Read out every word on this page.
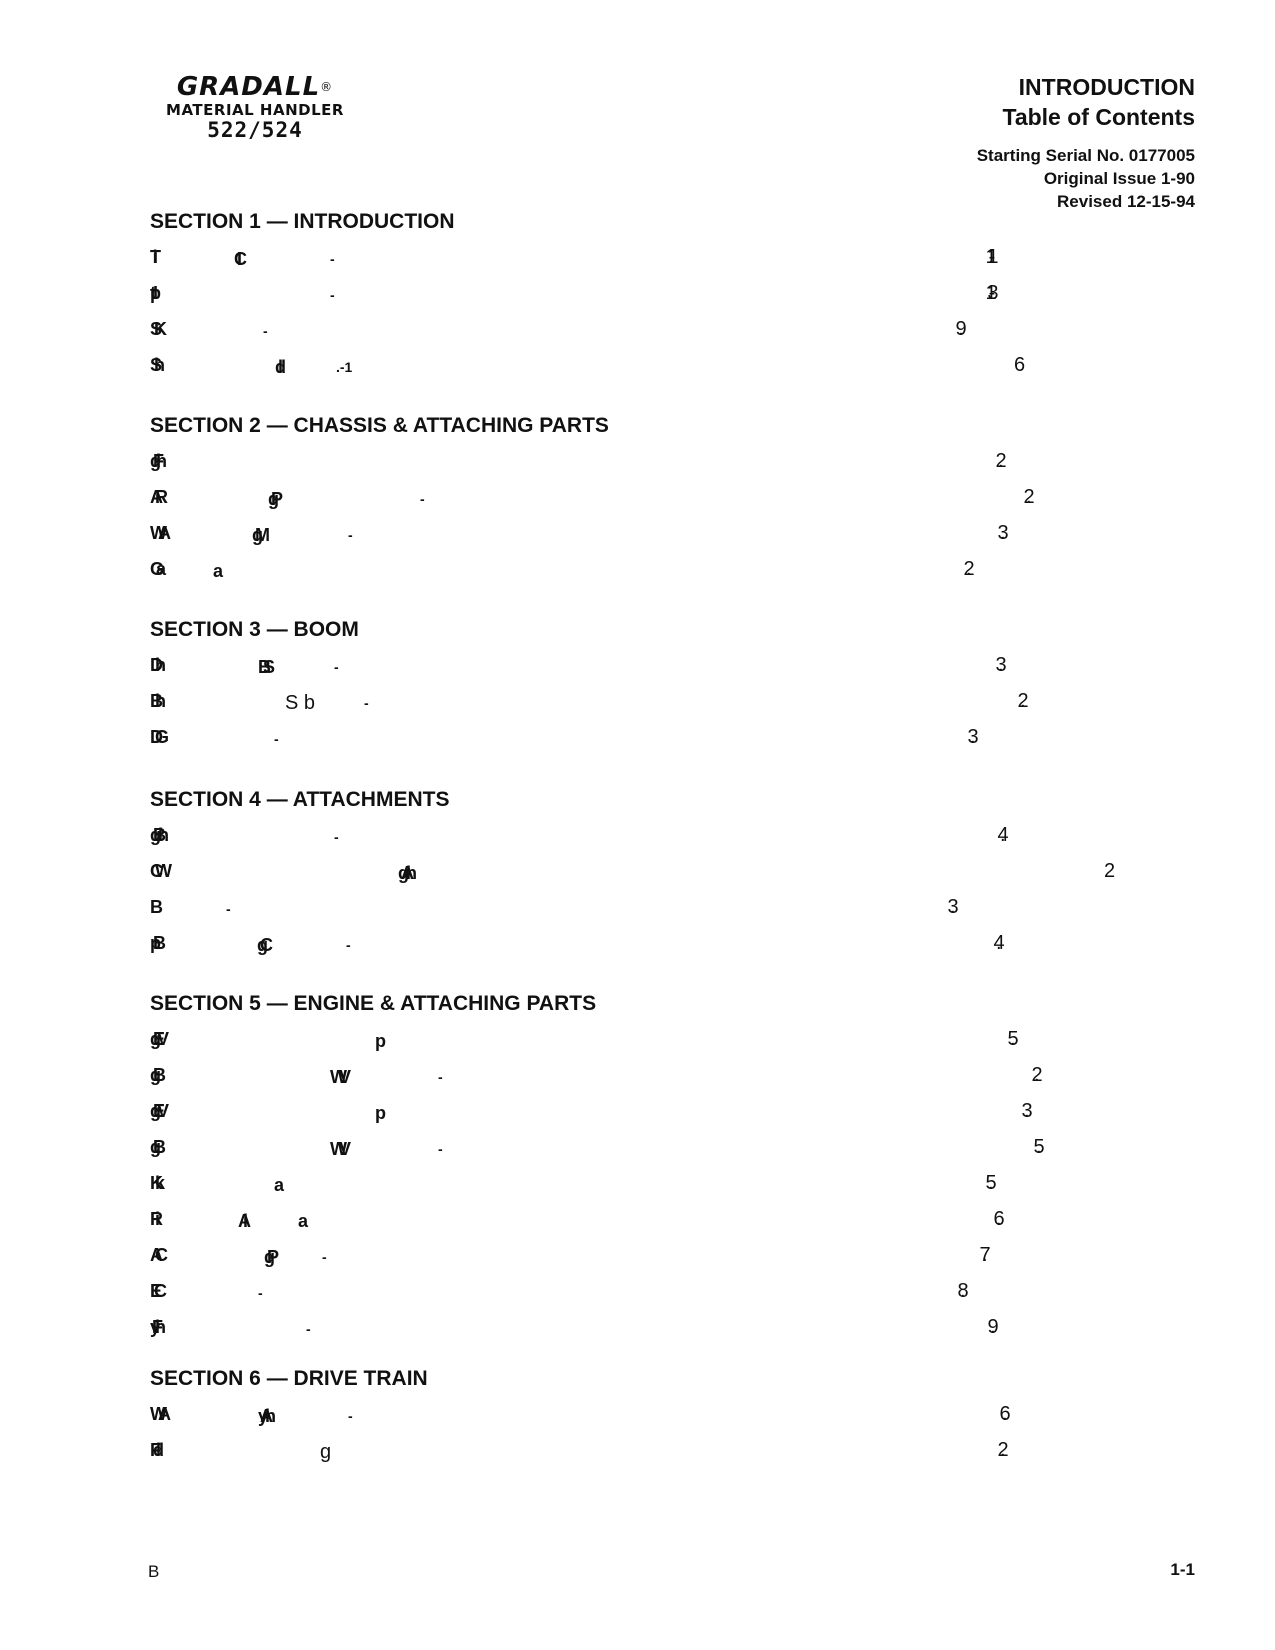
GRADALL®
MATERIAL HANDLER
522/524
INTRODUCTION
Table of Contents
Starting Serial No. 0177005
Original Issue 1-90
Revised 12-15-94
SECTION 1 — INTRODUCTION
IC	-	.1-1
-	.1-3
SK	-	.9
Sh	.-1	6
SECTION 2 — CHASSIS & ATTACHING PARTS
gFh	.2
AR	gP	-	.2
WA	gM	-	.3
Ga	a	.2
SECTION 3 — BOOM
Dh	BS	-	.3
Bh	S b	-	.2
DG	-	.3
SECTION 4 — ATTACHMENTS
gBh	-	.4
CW	gAh	2
B	-	.3
pB	gC	-	.4
SECTION 5 — ENGINE & ATTACHING PARTS
gEV	p	.5
gB	WV	-	.2
gEV	p	.3
gB	WV	-	.5
Kk	a	.5
Ri	Al	a	.6
AC	gP	-	.7
EC	-	.8
yFh	-	.9
SECTION 6 — DRIVE TRAIN
WA	yAh	-	.6
Fdl	g	.2
B	1-1
